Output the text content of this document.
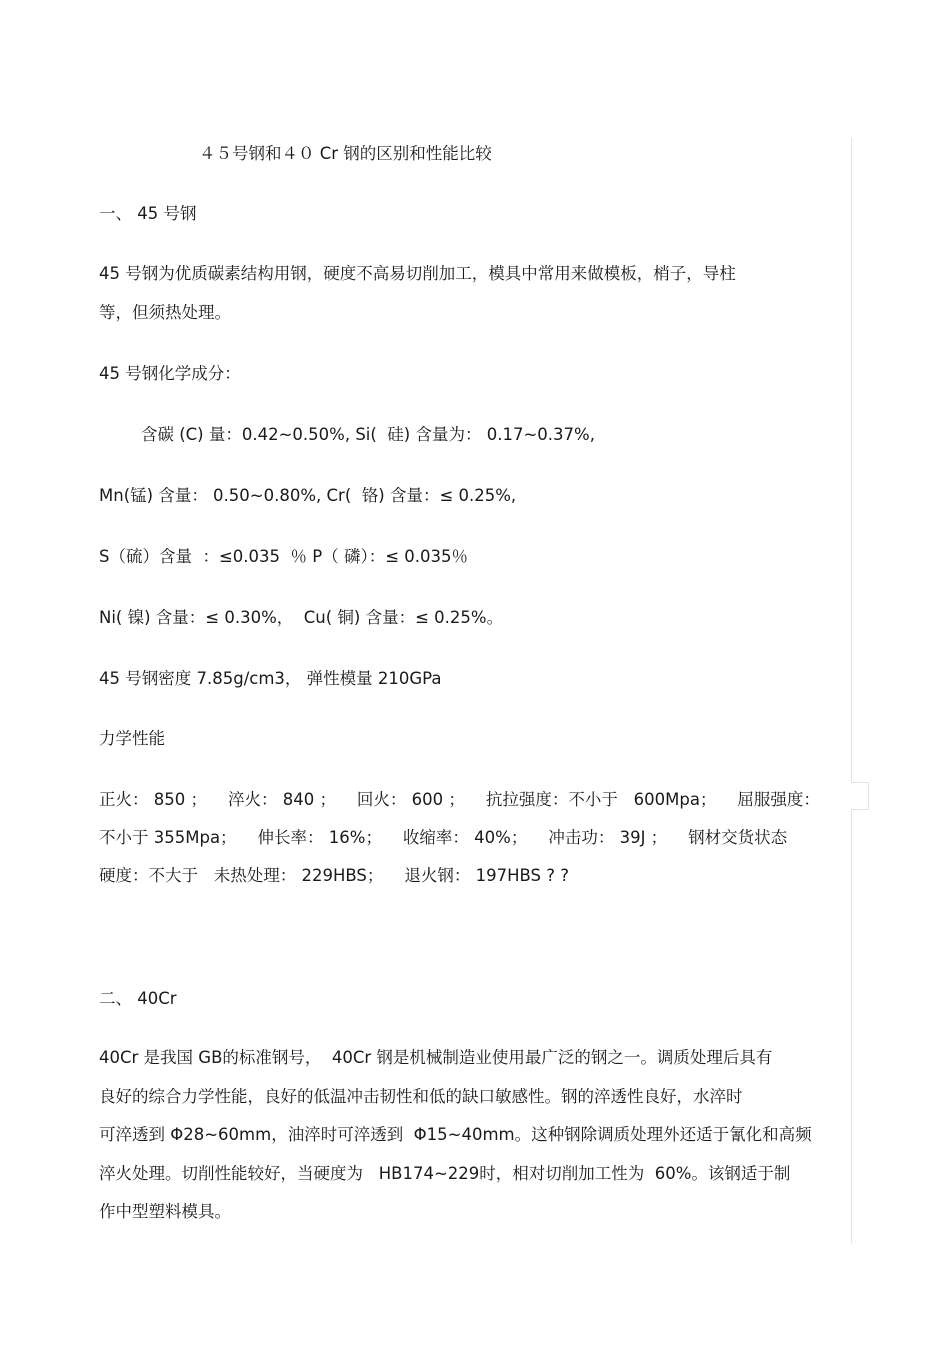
４５号钢和４０ Cr 钢的区别和性能比较
一、 45 号钢
45 号钢为优质碳素结构用钢，硬度不高易切削加工，模具中常用来做模板，梢子，导柱
等，但须热处理。
45 号钢化学成分：
含碳 (C) 量：0.42~0.50%, Si(  硅) 含量为： 0.17~0.37%,
Mn(锰) 含量： 0.50~0.80%, Cr(  铬) 含量：≤ 0.25%,
S（硫）含量  ：≤0.035  ％ P（ 磷）：≤ 0.035％
Ni( 镍) 含量：≤ 0.30%，  Cu( 铜) 含量：≤ 0.25%。
45 号钢密度 7.85g/cm3， 弹性模量 210GPa
力学性能
正火： 850 ；    淬火： 840 ；    回火： 600 ；    抗拉强度：不小于   600Mpa；    屈服强度：
不小于 355Mpa；    伸长率： 16%；    收缩率： 40%；    冲击功： 39J ；    钢材交货状态
硬度：不大于   未热处理： 229HBS；    退火钢： 197HBS ? ?
二、 40Cr
40Cr 是我国 GB的标准钢号，  40Cr 钢是机械制造业使用最广泛的钢之一。调质处理后具有
良好的综合力学性能，良好的低温冲击韧性和低的缺口敏感性。钢的淬透性良好，水淬时
可淬透到 Φ28~60mm，油淬时可淬透到  Φ15~40mm。这种钢除调质处理外还适于氰化和高频
淬火处理。切削性能较好，当硬度为   HB174~229时，相对切削加工性为  60%。该钢适于制
作中型塑料模具。
